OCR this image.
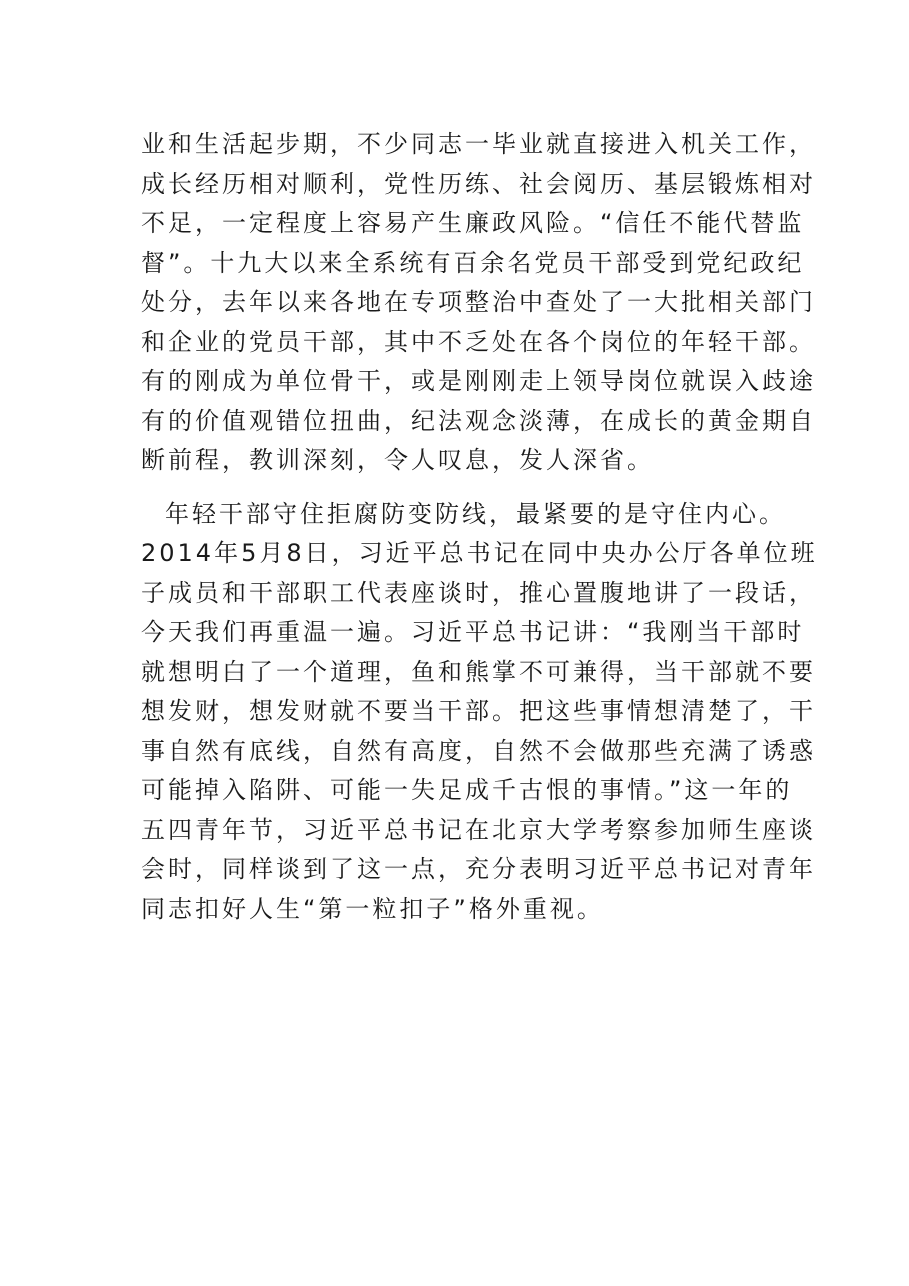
业和生活起步期，不少同志一毕业就直接进入机关工作，
成长经历相对顺利，党性历练、社会阅历、基层锻炼相对
不足，一定程度上容易产生廉政风险。“信任不能代替监
督”。十九大以来全系统有百余名党员干部受到党纪政纪
处分，去年以来各地在专项整治中查处了一大批相关部门
和企业的党员干部，其中不乏处在各个岗位的年轻干部。
有的刚成为单位骨干，或是刚刚走上领导岗位就误入歧途
有的价值观错位扭曲，纪法观念淡薄，在成长的黄金期自
断前程，教训深刻，令人叹息，发人深省。
年轻干部守住拒腐防变防线，最紧要的是守住内心。
2014年5月8日，习近平总书记在同中央办公厅各单位班
子成员和干部职工代表座谈时，推心置腹地讲了一段话，
今天我们再重温一遍。习近平总书记讲：“我刚当干部时
就想明白了一个道理，鱼和熊掌不可兼得，当干部就不要
想发财，想发财就不要当干部。把这些事情想清楚了，干
事自然有底线，自然有高度，自然不会做那些充满了诱惑
可能掉入陷阱、可能一失足成千古恨的事情。”这一年的
五四青年节，习近平总书记在北京大学考察参加师生座谈
会时，同样谈到了这一点，充分表明习近平总书记对青年
同志扣好人生“第一粒扣子”格外重视。
